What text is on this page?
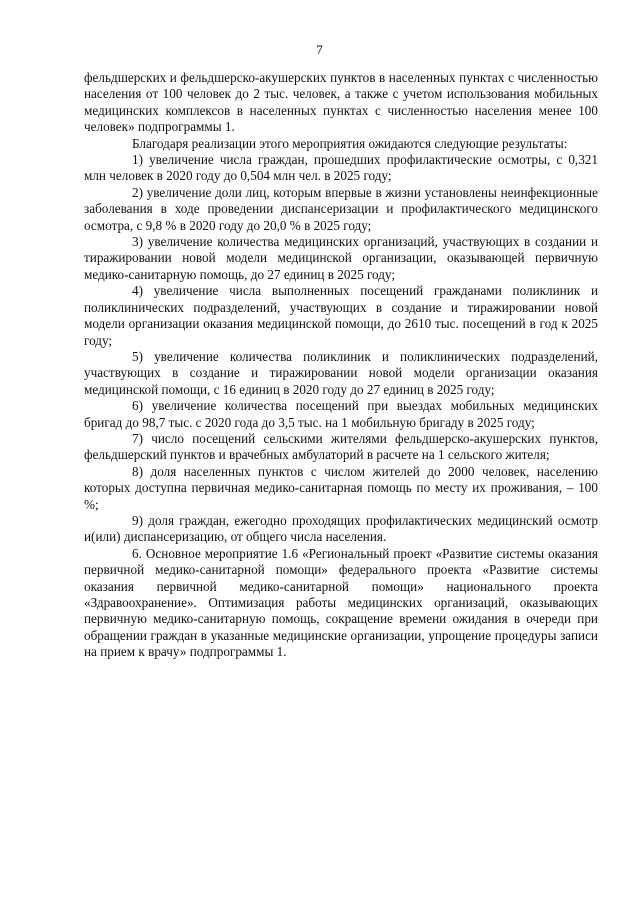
7

фельдшерских и фельдшерско-акушерских пунктов в населенных пунктах с численностью населения от 100 человек до 2 тыс. человек, а также с учетом использования мобильных медицинских комплексов в населенных пунктах с численностью населения менее 100 человек» подпрограммы 1.

Благодаря реализации этого мероприятия ожидаются следующие результаты:

1) увеличение числа граждан, прошедших профилактические осмотры, с 0,321 млн человек в 2020 году до 0,504 млн чел. в 2025 году;

2) увеличение доли лиц, которым впервые в жизни установлены неинфекционные заболевания в ходе проведении диспансеризации и профилактического медицинского осмотра, с 9,8 % в 2020 году до 20,0 % в 2025 году;

3) увеличение количества медицинских организаций, участвующих в создании и тиражировании новой модели медицинской организации, оказывающей первичную медико-санитарную помощь, до 27 единиц в 2025 году;

4) увеличение числа выполненных посещений гражданами поликлиник и поликлинических подразделений, участвующих в создание и тиражировании новой модели организации оказания медицинской помощи, до 2610 тыс. посещений в год к 2025 году;

5) увеличение количества поликлиник и поликлинических подразделений, участвующих в создание и тиражировании новой модели организации оказания медицинской помощи, с 16 единиц в 2020 году до 27 единиц в 2025 году;

6) увеличение количества посещений при выездах мобильных медицинских бригад до 98,7 тыс. с 2020 года до 3,5 тыс. на 1 мобильную бригаду в 2025 году;

7) число посещений сельскими жителями фельдшерско-акушерских пунктов, фельдшерский пунктов и врачебных амбулаторий в расчете на 1 сельского жителя;

8) доля населенных пунктов с числом жителей до 2000 человек, населению которых доступна первичная медико-санитарная помощь по месту их проживания, – 100 %;

9) доля граждан, ежегодно проходящих профилактических медицинский осмотр и(или) диспансеризацию, от общего числа населения.

6. Основное мероприятие 1.6 «Региональный проект «Развитие системы оказания первичной медико-санитарной помощи» федерального проекта «Развитие системы оказания первичной медико-санитарной помощи» национального проекта «Здравоохранение». Оптимизация работы медицинских организаций, оказывающих первичную медико-санитарную помощь, сокращение времени ожидания в очереди при обращении граждан в указанные медицинские организации, упрощение процедуры записи на прием к врачу» подпрограммы 1.
